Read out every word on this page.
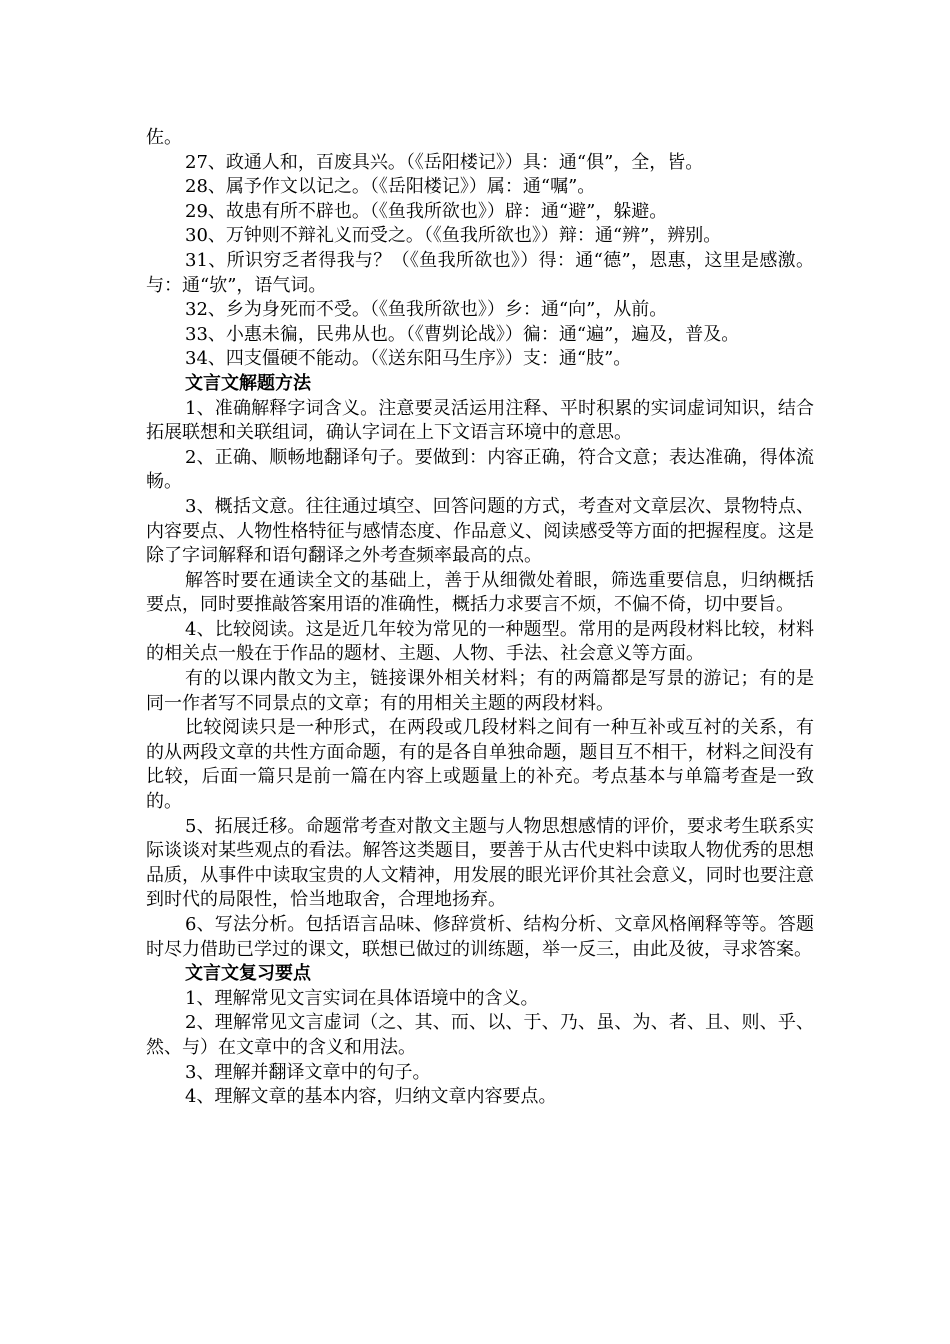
佐。

27、政通人和，百废具兴。（《岳阳楼记》）具：通“俱”，全，皆。

28、属予作文以记之。（《岳阳楼记》）属：通“嘱”。

29、故患有所不辟也。（《鱼我所欲也》）辟：通“避”，躲避。

30、万钟则不辩礼义而受之。（《鱼我所欲也》）辩：通“辨”，辨别。

31、所识穷乏者得我与？（《鱼我所欲也》）得：通“德”，恩惠，这里是感激。 与：通“欤”，语气词。

32、乡为身死而不受。（《鱼我所欲也》）乡：通“向”，从前。

33、小惠未徧，民弗从也。（《曹刿论战》）徧：通“遍”，遍及，普及。

34、四支僵硬不能动。（《送东阳马生序》）支：通“肢”。

文言文解题方法

1、准确解释字词含义。注意要灵活运用注释、平时积累的实词虚词知识，结合拓展联想和关联组词，确认字词在上下文语言环境中的意思。

2、正确、顺畅地翻译句子。要做到：内容正确，符合文意；表达准确，得体流畅。

3、概括文意。往往通过填空、回答问题的方式，考查对文章层次、景物特点、内容要点、人物性格特征与感情态度、作品意义、阅读感受等方面的把握程度。这是除了字词解释和语句翻译之外考查频率最高的点。

解答时要在通读全文的基础上，善于从细微处着眼，筛选重要信息，归纳概括要点，同时要推敲答案用语的准确性，概括力求要言不烦，不偏不倚，切中要旨。

4、比较阅读。这是近几年较为常见的一种题型。常用的是两段材料比较，材料的相关点一般在于作品的题材、主题、人物、手法、社会意义等方面。

有的以课内散文为主，链接课外相关材料；有的两篇都是写景的游记；有的是同一作者写不同景点的文章；有的用相关主题的两段材料。

比较阅读只是一种形式，在两段或几段材料之间有一种互补或互衬的关系，有的从两段文章的共性方面命题，有的是各自单独命题，题目互不相干，材料之间没有比较，后面一篇只是前一篇在内容上或题量上的补充。考点基本与单篇考查是一致的。

5、拓展迁移。命题常考查对散文主题与人物思想感情的评价，要求考生联系实际谈谈对某些观点的看法。解答这类题目，要善于从古代史料中读取人物优秀的思想品质，从事件中读取宝贵的人文精神，用发展的眼光评价其社会意义，同时也要注意到时代的局限性，恰当地取舍，合理地扬弃。

6、写法分析。包括语言品味、修辞赏析、结构分析、文章风格阐释等等。答题时尽力借助已学过的课文，联想已做过的训练题，举一反三，由此及彼，寻求答案。

文言文复习要点

1、理解常见文言实词在具体语境中的含义。

2、理解常见文言虚词（之、其、而、以、于、乃、虽、为、者、且、则、乎、然、与）在文章中的含义和用法。

3、理解并翻译文章中的句子。

4、理解文章的基本内容，归纳文章内容要点。
